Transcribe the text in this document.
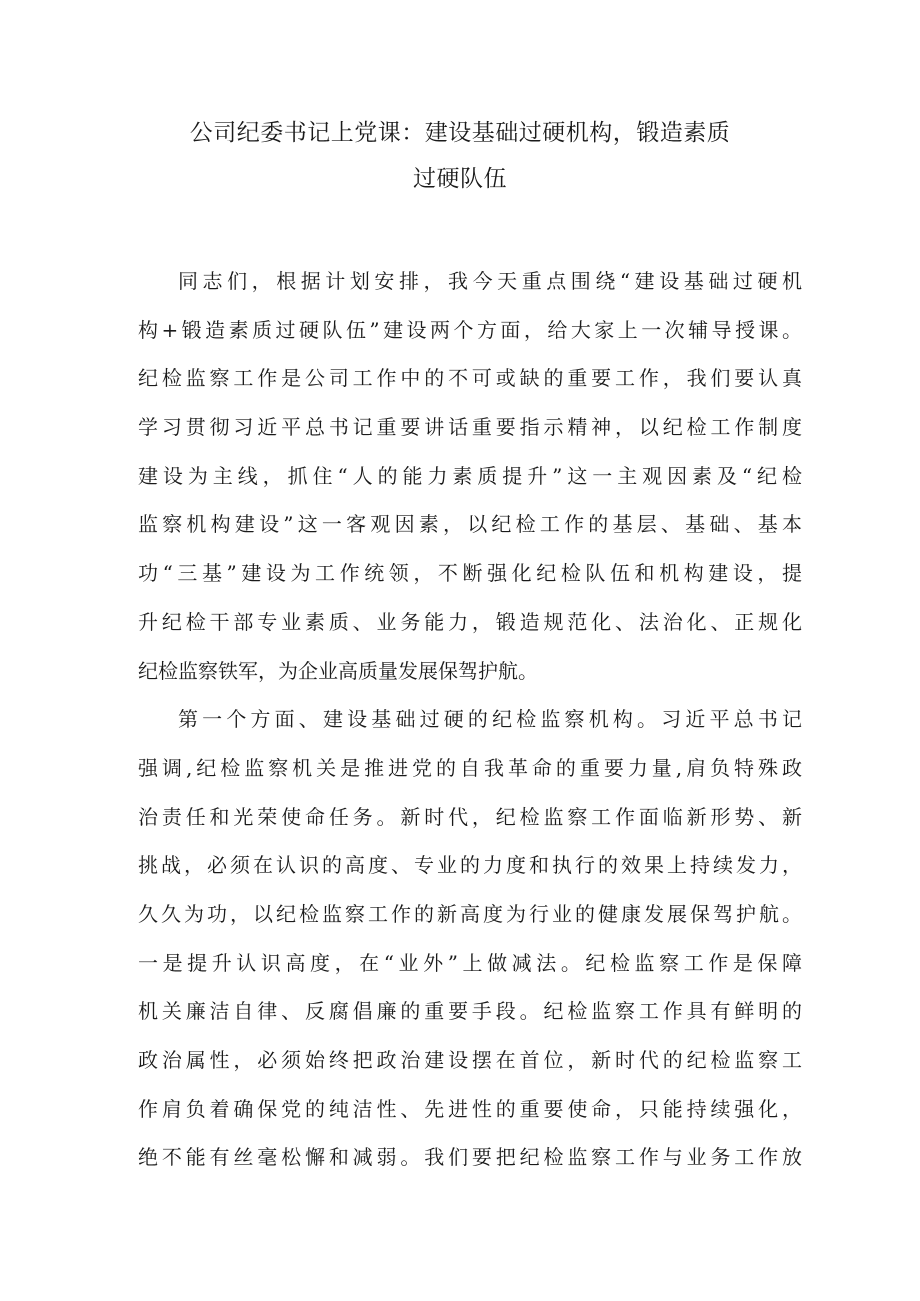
公司纪委书记上党课：建设基础过硬机构，锻造素质
过硬队伍
同志们，根据计划安排，我今天重点围绕“建设基础过硬机
构+锻造素质过硬队伍”建设两个方面，给大家上一次辅导授课。
纪检监察工作是公司工作中的不可或缺的重要工作，我们要认真
学习贯彻习近平总书记重要讲话重要指示精神，以纪检工作制度
建设为主线，抓住“人的能力素质提升”这一主观因素及“纪检
监察机构建设”这一客观因素，以纪检工作的基层、基础、基本
功“三基”建设为工作统领，不断强化纪检队伍和机构建设，提
升纪检干部专业素质、业务能力，锻造规范化、法治化、正规化
纪检监察铁军，为企业高质量发展保驾护航。
第一个方面、建设基础过硬的纪检监察机构。习近平总书记
强调,纪检监察机关是推进党的自我革命的重要力量,肩负特殊政
治责任和光荣使命任务。新时代，纪检监察工作面临新形势、新
挑战，必须在认识的高度、专业的力度和执行的效果上持续发力，
久久为功，以纪检监察工作的新高度为行业的健康发展保驾护航。
一是提升认识高度，在“业外”上做减法。纪检监察工作是保障
机关廉洁自律、反腐倡廉的重要手段。纪检监察工作具有鲜明的
政治属性，必须始终把政治建设摆在首位，新时代的纪检监察工
作肩负着确保党的纯洁性、先进性的重要使命，只能持续强化，
绝不能有丝毫松懈和减弱。我们要把纪检监察工作与业务工作放
